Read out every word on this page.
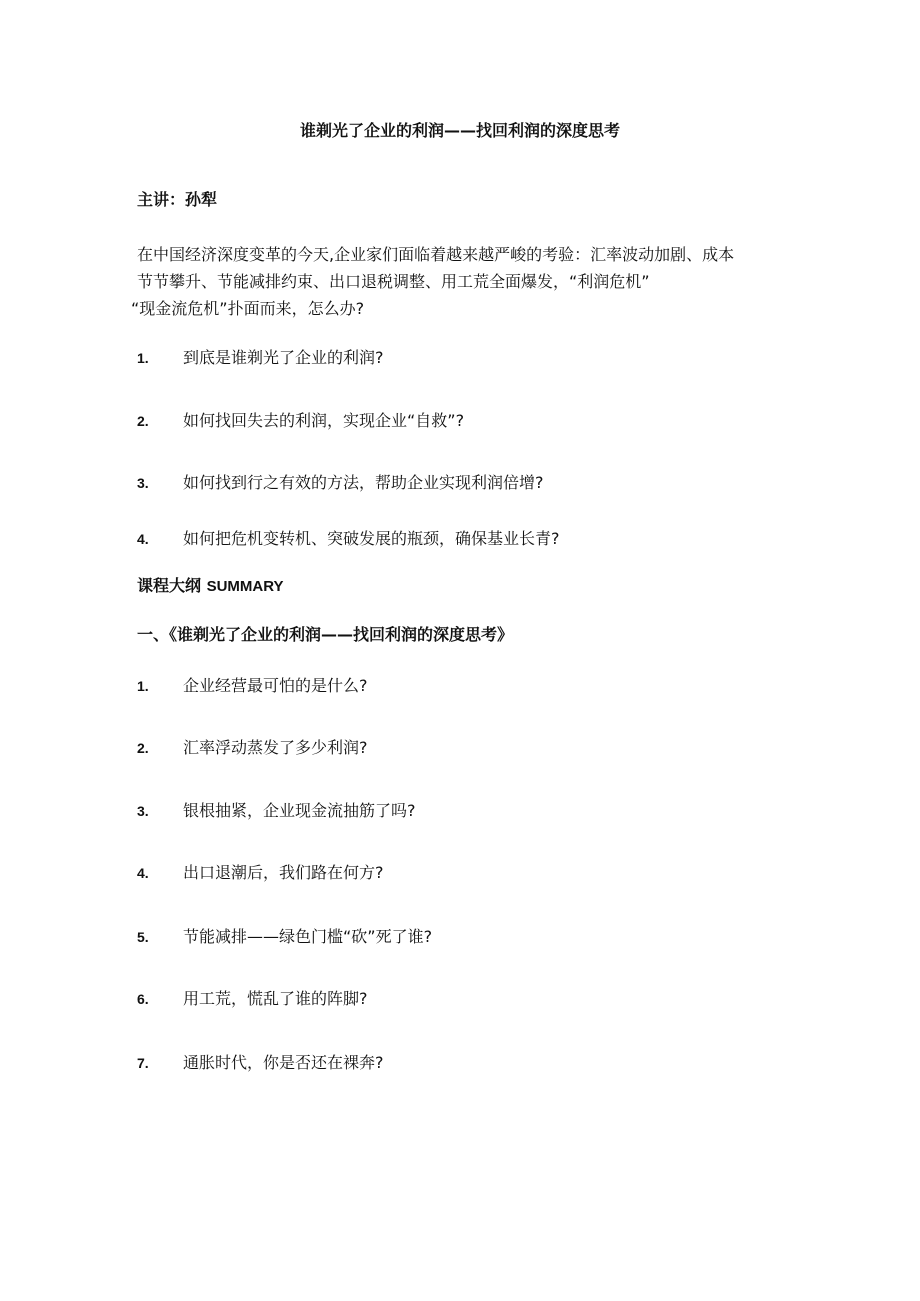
谁剃光了企业的利润——找回利润的深度思考
主讲：孙犁
在中国经济深度变革的今天,企业家们面临着越来越严峻的考验：汇率波动加剧、成本
节节攀升、节能减排约束、出口退税调整、用工荒全面爆发，“利润危机”
“现金流危机”扑面而来，怎么办?
1. 到底是谁剃光了企业的利润?
2. 如何找回失去的利润，实现企业“自救”?
3. 如何找到行之有效的方法，帮助企业实现利润倍增?
4. 如何把危机变转机、突破发展的瓶颈，确保基业长青?
课程大纲 SUMMARY
一、《谁剃光了企业的利润——找回利润的深度思考》
1. 企业经营最可怕的是什么?
2. 汇率浮动蒸发了多少利润?
3. 银根抽紧，企业现金流抽筋了吗?
4. 出口退潮后，我们路在何方?
5. 节能减排——绿色门槛“砍”死了谁?
6. 用工荒，慌乱了谁的阵脚?
7. 通胀时代，你是否还在裸奔?
